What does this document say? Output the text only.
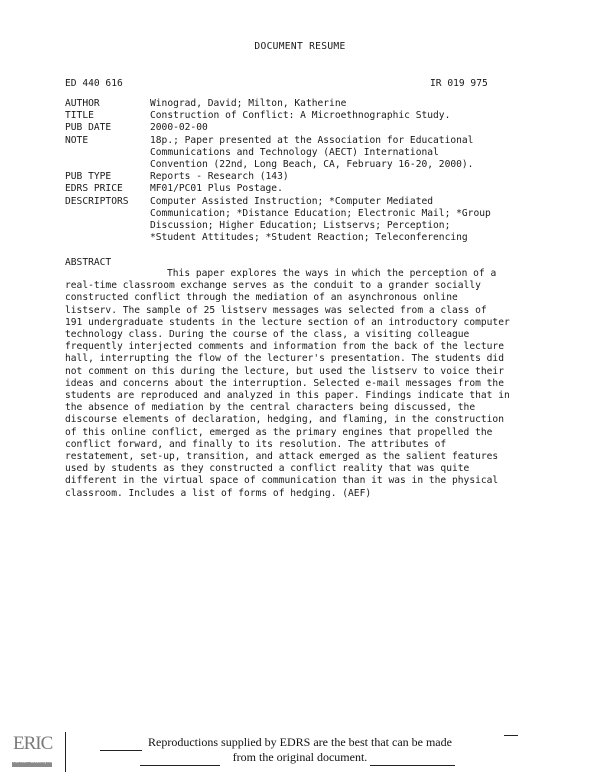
DOCUMENT RESUME
ED 440 616	IR 019 975
AUTHOR	Winograd, David; Milton, Katherine
TITLE	Construction of Conflict: A Microethnographic Study.
PUB DATE	2000-02-00
NOTE	18p.; Paper presented at the Association for Educational
Communications and Technology (AECT) International
Convention (22nd, Long Beach, CA, February 16-20, 2000).
PUB TYPE	Reports - Research (143)
EDRS PRICE	MF01/PC01 Plus Postage.
DESCRIPTORS	Computer Assisted Instruction; *Computer Mediated
Communication; *Distance Education; Electronic Mail; *Group
Discussion; Higher Education; Listservs; Perception;
*Student Attitudes; *Student Reaction; Teleconferencing
ABSTRACT
This paper explores the ways in which the perception of a
real-time classroom exchange serves as the conduit to a grander socially
constructed conflict through the mediation of an asynchronous online
listserv. The sample of 25 listserv messages was selected from a class of
191 undergraduate students in the lecture section of an introductory computer
technology class. During the course of the class, a visiting colleague
frequently interjected comments and information from the back of the lecture
hall, interrupting the flow of the lecturer's presentation. The students did
not comment on this during the lecture, but used the listserv to voice their
ideas and concerns about the interruption. Selected e-mail messages from the
students are reproduced and analyzed in this paper. Findings indicate that in
the absence of mediation by the central characters being discussed, the
discourse elements of declaration, hedging, and flaming, in the construction
of this online conflict, emerged as the primary engines that propelled the
conflict forward, and finally to its resolution. The attributes of
restatement, set-up, transition, and attack emerged as the salient features
used by students as they constructed a conflict reality that was quite
different in the virtual space of communication than it was in the physical
classroom. Includes a list of forms of hedging. (AEF)
ERIC
Full Text Provided by ERIC
Reproductions supplied by EDRS are the best that can be made
from the original document.
